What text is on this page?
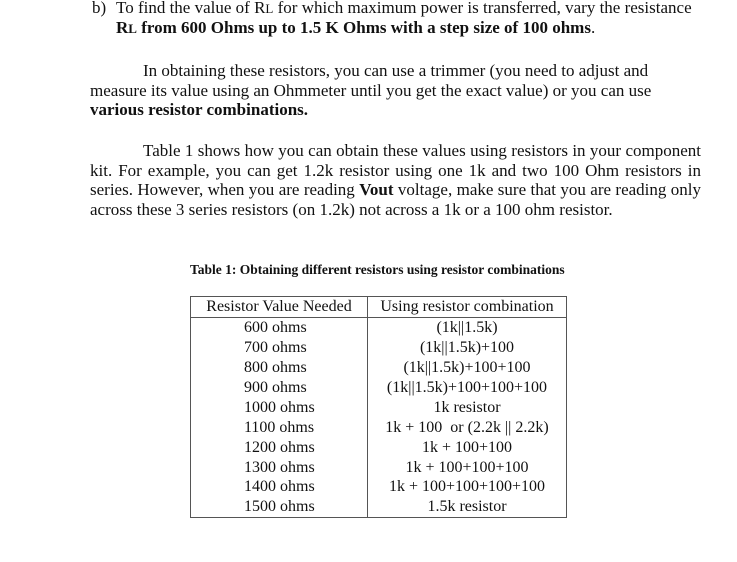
b) To find the value of RL for which maximum power is transferred, vary the resistance RL from 600 Ohms up to 1.5 K Ohms with a step size of 100 ohms.
In obtaining these resistors, you can use a trimmer (you need to adjust and measure its value using an Ohmmeter until you get the exact value) or you can use various resistor combinations.
Table 1 shows how you can obtain these values using resistors in your component kit. For example, you can get 1.2k resistor using one 1k and two 100 Ohm resistors in series. However, when you are reading Vout voltage, make sure that you are reading only across these 3 series resistors (on 1.2k) not across a 1k or a 100 ohm resistor.
Table 1: Obtaining different resistors using resistor combinations
Resistor Value Needed	Using resistor combination
600 ohms	(1k||1.5k)
700 ohms	(1k||1.5k)+100
800 ohms	(1k||1.5k)+100+100
900 ohms	(1k||1.5k)+100+100+100
1000 ohms	1k resistor
1100 ohms	1k + 100  or (2.2k || 2.2k)
1200 ohms	1k + 100+100
1300 ohms	1k + 100+100+100
1400 ohms	1k + 100+100+100+100
1500 ohms	1.5k resistor
